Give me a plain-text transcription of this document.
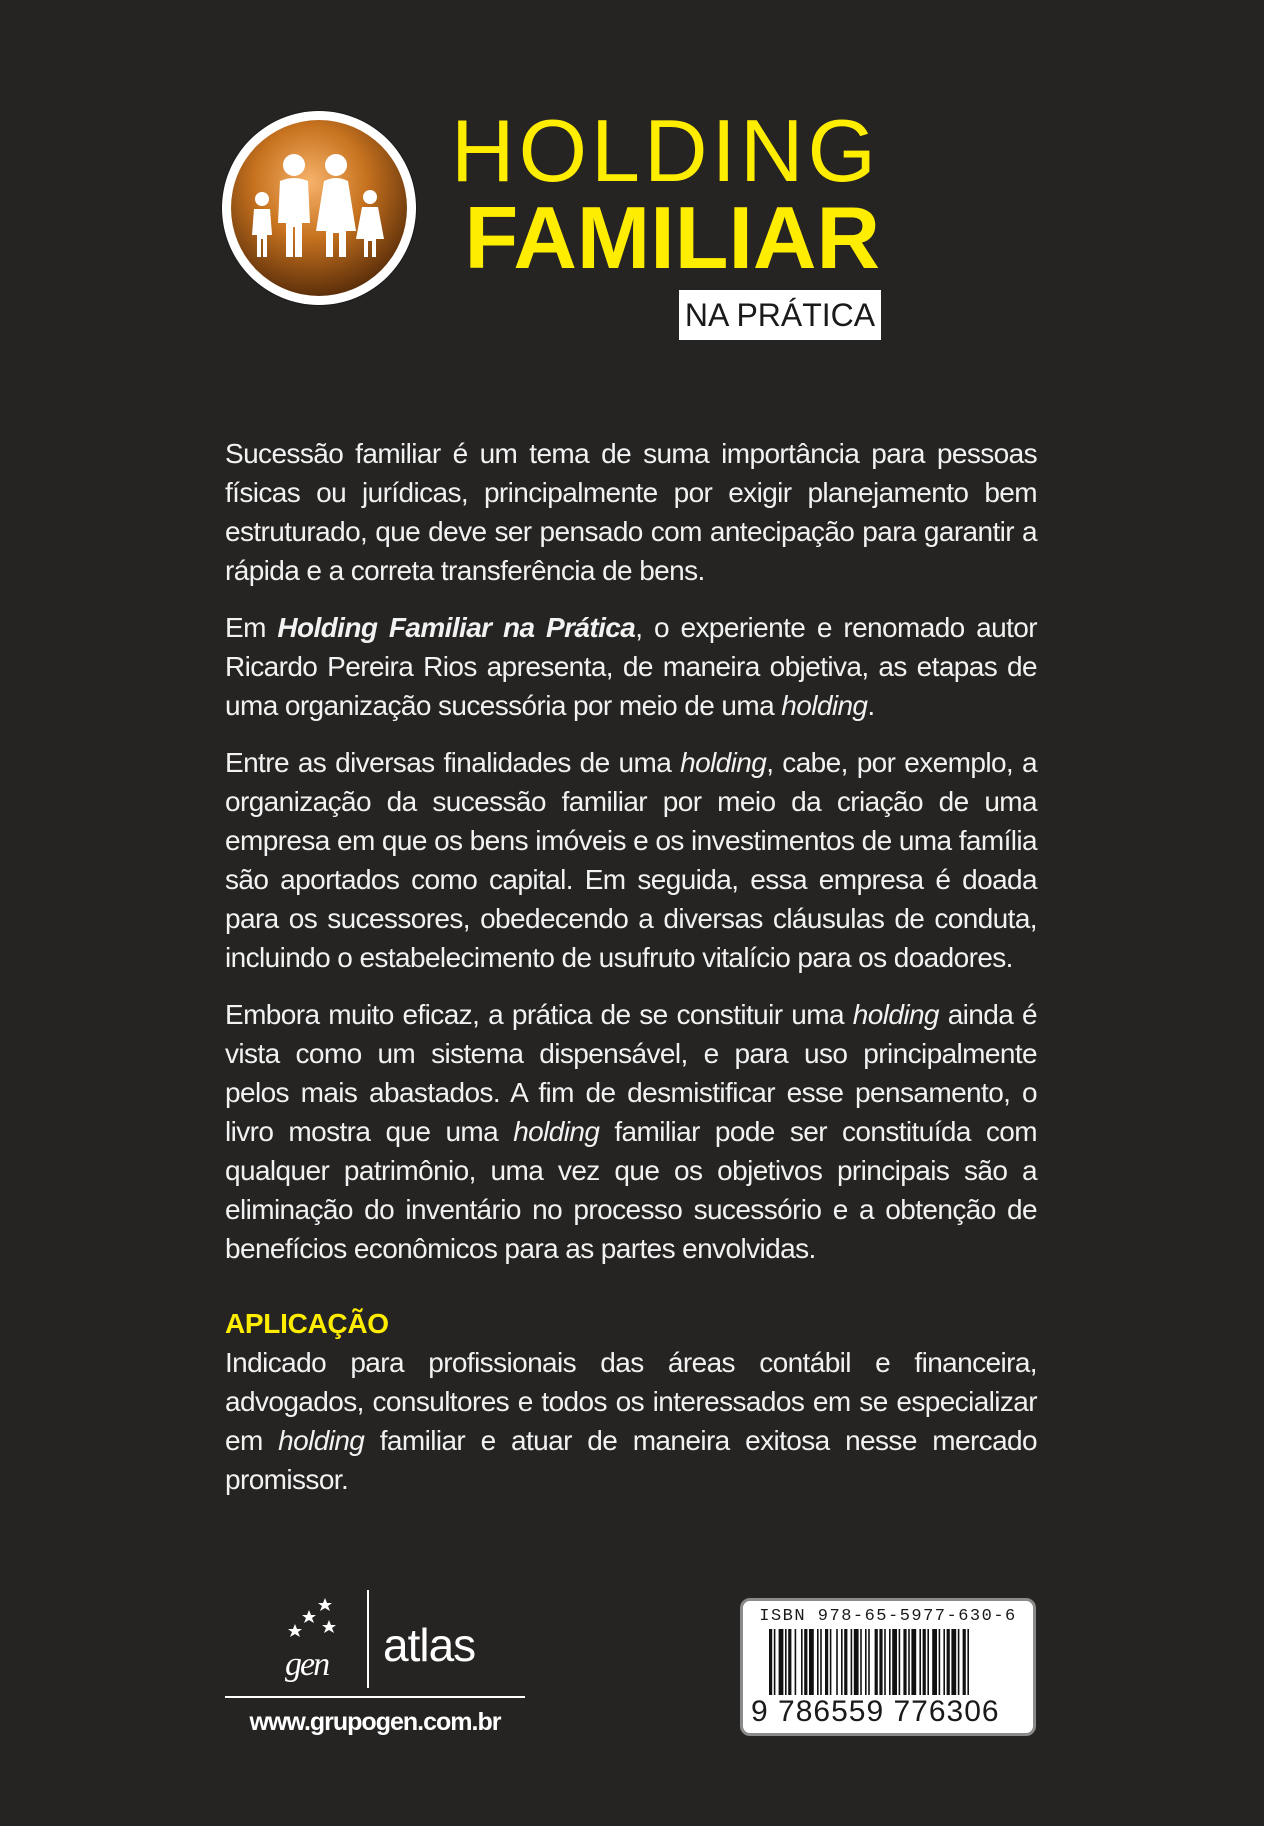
HOLDING
FAMILIAR
NA PRÁTICA

Sucessão familiar é um tema de suma importância para pessoas físicas ou jurídicas, principalmente por exigir planejamento bem estruturado, que deve ser pensado com antecipação para garantir a rápida e a correta transferência de bens.

Em Holding Familiar na Prática, o experiente e renomado autor Ricardo Pereira Rios apresenta, de maneira objetiva, as etapas de uma organização sucessória por meio de uma holding.

Entre as diversas finalidades de uma holding, cabe, por exemplo, a organização da sucessão familiar por meio da criação de uma empresa em que os bens imóveis e os investimentos de uma família são aportados como capital. Em seguida, essa empresa é doada para os sucessores, obedecendo a diversas cláusulas de conduta, incluindo o estabelecimento de usufruto vitalício para os doadores.

Embora muito eficaz, a prática de se constituir uma holding ainda é vista como um sistema dispensável, e para uso principalmente pelos mais abastados. A fim de desmistificar esse pensamento, o livro mostra que uma holding familiar pode ser constituída com qualquer patrimônio, uma vez que os objetivos principais são a eliminação do inventário no processo sucessório e a obtenção de benefícios econômicos para as partes envolvidas.

APLICAÇÃO

Indicado para profissionais das áreas contábil e financeira, advogados, consultores e todos os interessados em se especializar em holding familiar e atuar de maneira exitosa nesse mercado promissor.

gen atlas
www.grupogen.com.br
ISBN 978-65-5977-630-6
9 786559 776306
